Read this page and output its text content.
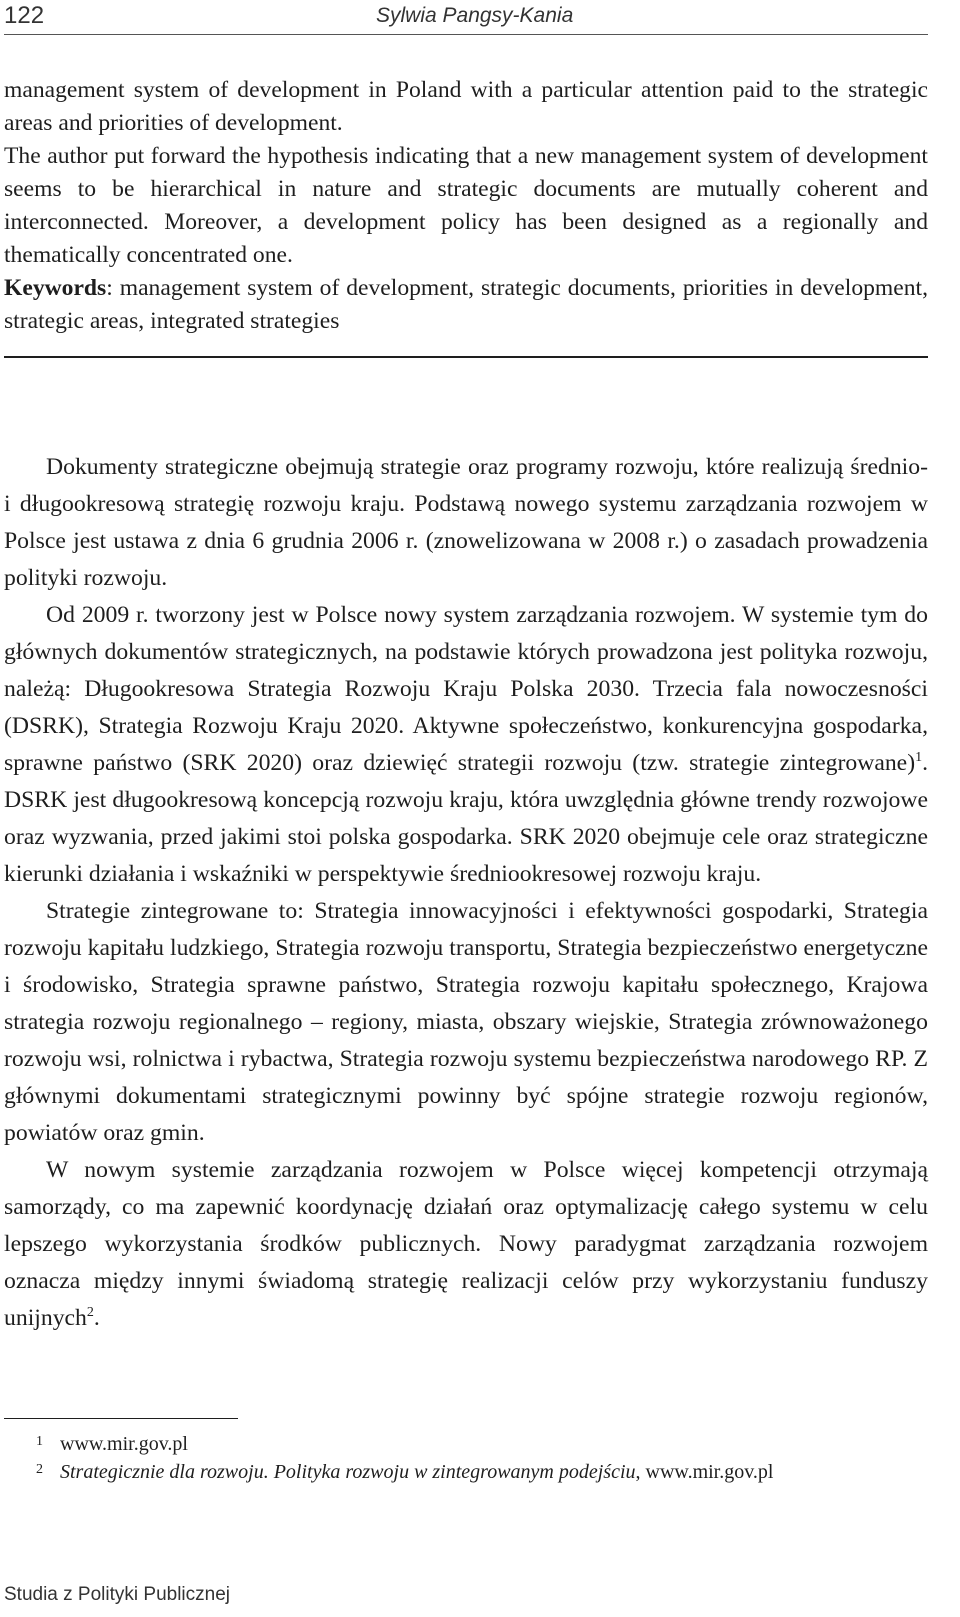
122	Sylwia Pangsy-Kania

management system of development in Poland with a particular attention paid to the strategic areas and priorities of development.

The author put forward the hypothesis indicating that a new management system of development seems to be hierarchical in nature and strategic documents are mutually coherent and interconnected. Moreover, a development policy has been designed as a regionally and thematically concentrated one.

Keywords: management system of development, strategic documents, priorities in development, strategic areas, integrated strategies

Dokumenty strategiczne obejmują strategie oraz programy rozwoju, które realizują średnio- i długookresową strategię rozwoju kraju. Podstawą nowego systemu zarządzania rozwojem w Polsce jest ustawa z dnia 6 grudnia 2006 r. (znowelizowana w 2008 r.) o zasadach prowadzenia polityki rozwoju.

Od 2009 r. tworzony jest w Polsce nowy system zarządzania rozwojem. W systemie tym do głównych dokumentów strategicznych, na podstawie których prowadzona jest polityka rozwoju, należą: Długookresowa Strategia Rozwoju Kraju Polska 2030. Trzecia fala nowoczesności (DSRK), Strategia Rozwoju Kraju 2020. Aktywne społeczeństwo, konkurencyjna gospodarka, sprawne państwo (SRK 2020) oraz dziewięć strategii rozwoju (tzw. strategie zintegrowane)$^1$. DSRK jest długookresową koncepcją rozwoju kraju, która uwzględnia główne trendy rozwojowe oraz wyzwania, przed jakimi stoi polska gospodarka. SRK 2020 obejmuje cele oraz strategiczne kierunki działania i wskaźniki w perspektywie średniookresowej rozwoju kraju.

Strategie zintegrowane to: Strategia innowacyjności i efektywności gospodarki, Strategia rozwoju kapitału ludzkiego, Strategia rozwoju transportu, Strategia bezpieczeństwo energetyczne i środowisko, Strategia sprawne państwo, Strategia rozwoju kapitału społecznego, Krajowa strategia rozwoju regionalnego – regiony, miasta, obszary wiejskie, Strategia zrównoważonego rozwoju wsi, rolnictwa i rybactwa, Strategia rozwoju systemu bezpieczeństwa narodowego RP. Z głównymi dokumentami strategicznymi powinny być spójne strategie rozwoju regionów, powiatów oraz gmin.

W nowym systemie zarządzania rozwojem w Polsce więcej kompetencji otrzymają samorządy, co ma zapewnić koordynację działań oraz optymalizację całego systemu w celu lepszego wykorzystania środków publicznych. Nowy paradygmat zarządzania rozwojem oznacza między innymi świadomą strategię realizacji celów przy wykorzystaniu funduszy unijnych$^2$.

1 www.mir.gov.pl

2 Strategicznie dla rozwoju. Polityka rozwoju w zintegrowanym podejściu, www.mir.gov.pl

Studia z Polityki Publicznej
